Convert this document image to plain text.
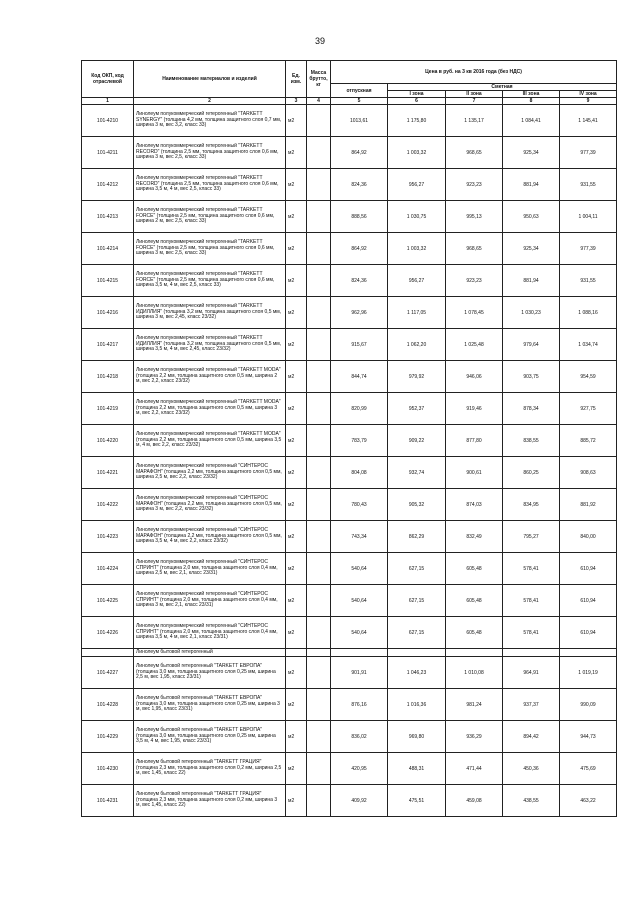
39
Код ОКП, код отраслевой	Наименование материалов и изделий	Ед. изм.	Масса брутто, кг	Цена в руб. на 3 кв 2016 года (без НДС)				
				отпускная	Сметная			
					I зона	II зона	III зона	IV зона
1	2	3	4	5	6	7	8	9
101-4210	Линолеум полукоммерческий гетерогенный "TARKETT SYNERGY" (толщина 4,2 мм, толщина защитного слоя 0,7 мм, ширина 3 м, вес 3,2, класс 33)	м2		1013,61	1 175,80	1 135,17	1 084,41	1 145,41
101-4211	Линолеум полукоммерческий гетерогенный "TARKETT RECORD" (толщина 2,5 мм, толщина защитного слоя 0,6 мм, ширина 3 м, вес 2,5, класс 33)	м2		864,92	1 003,32	968,65	925,34	977,39
101-4212	Линолеум полукоммерческий гетерогенный "TARKETT RECORD" (толщина 2,5 мм, толщина защитного слоя 0,6 мм, ширина 3,5 м, 4 м, вес 2,5, класс 33)	м2		824,36	956,27	923,23	881,94	931,55
101-4213	Линолеум полукоммерческий гетерогенный "TARKETT FORCE" (толщина 2,5 мм, толщина защитного слоя 0,6 мм, ширина 2 м, вес 2,5, класс 33)	м2		888,56	1 030,75	995,13	950,63	1 004,11
101-4214	Линолеум полукоммерческий гетерогенный "TARKETT FORCE" (толщина 2,5 мм, толщина защитного слоя 0,6 мм, ширина 3 м, вес 2,5, класс 33)	м2		864,92	1 003,32	968,65	925,34	977,39
101-4215	Линолеум полукоммерческий гетерогенный "TARKETT FORCE" (толщина 2,5 мм, толщина защитного слоя 0,6 мм, ширина 3,5 м, 4 м, вес 2,5, класс 33)	м2		824,36	956,27	923,23	881,94	931,55
101-4216	Линолеум полукоммерческий гетерогенный "TARKETT ИДИЛЛИЯ" (толщина 3,2 мм, толщина защитного слоя 0,5 мм, ширина 3 м, вес 2,45, класс 23/32)	м2		962,96	1 117,05	1 078,45	1 030,23	1 088,16
101-4217	Линолеум полукоммерческий гетерогенный "TARKETT ИДИЛЛИЯ" (толщина 3,2 мм, толщина защитного слоя 0,5 мм, ширина 3,5 м, 4 м, вес 2,45, класс 23/32)	м2		915,67	1 062,20	1 025,48	979,64	1 034,74
101-4218	Линолеум полукоммерческий гетерогенный "TARKETT MODA" (толщина 2,2 мм, толщина защитного слоя 0,5 мм, ширина 2 м, вес 2,2, класс 23/32)	м2		844,74	979,92	946,06	903,75	954,59
101-4219	Линолеум полукоммерческий гетерогенный "TARKETT MODA" (толщина 2,2 мм, толщина защитного слоя 0,5 мм, ширина 3 м, вес 2,2, класс 23/32)	м2		820,99	952,37	919,46	878,34	927,75
101-4220	Линолеум полукоммерческий гетерогенный "TARKETT MODA" (толщина 2,2 мм, толщина защитного слоя 0,5 мм, ширина 3,5 м, 4 м, вес 2,2, класс 23/32)	м2		783,79	909,22	877,80	838,55	885,72
101-4221	Линолеум полукоммерческий гетерогенный "СИНТЕРОС МАРАФОН" (толщина 2,2 мм, толщина защитного слоя 0,5 мм, ширина 2,5 м, вес 2,2, класс 23/32)	м2		804,08	932,74	900,61	860,25	908,63
101-4222	Линолеум полукоммерческий гетерогенный "СИНТЕРОС МАРАФОН" (толщина 2,2 мм, толщина защитного слоя 0,5 мм, ширина 3 м, вес 2,2, класс 23/32)	м2		780,43	905,32	874,03	834,95	881,92
101-4223	Линолеум полукоммерческий гетерогенный "СИНТЕРОС МАРАФОН" (толщина 2,2 мм, толщина защитного слоя 0,5 мм, ширина 3,5 м, 4 м, вес 2,2, класс 23/32)	м2		743,34	862,29	832,49	795,27	840,00
101-4224	Линолеум полукоммерческий гетерогенный "СИНТЕРОС СПРИНТ" (толщина 2,0 мм, толщина защитного слоя 0,4 мм, ширина 2,5 м, вес 2,1, класс 23/31)	м2		540,64	627,15	605,48	578,41	610,94
101-4225	Линолеум полукоммерческий гетерогенный "СИНТЕРОС СПРИНТ" (толщина 2,0 мм, толщина защитного слоя 0,4 мм, ширина 3 м, вес 2,1, класс 23/31)	м2		540,64	627,15	605,48	578,41	610,94
101-4226	Линолеум полукоммерческий гетерогенный "СИНТЕРОС СПРИНТ" (толщина 2,0 мм, толщина защитного слоя 0,4 мм, ширина 3,5 м, 4 м, вес 2,1, класс 23/31)	м2		540,64	627,15	605,48	578,41	610,94
	Линолеум бытовой гетерогенный							
101-4227	Линолеум бытовой гетерогенный "TARKETT ЕВРОПА" (толщина 3,0 мм, толщина защитного слоя 0,25 мм, ширина 2,5 м, вес 1,95, класс 23/31)	м2		901,91	1 046,23	1 010,08	964,91	1 019,19
101-4228	Линолеум бытовой гетерогенный "TARKETT ЕВРОПА" (толщина 3,0 мм, толщина защитного слоя 0,25 мм, ширина 3 м, вес 1,95, класс 23/31)	м2		876,16	1 016,36	981,24	937,37	990,09
101-4229	Линолеум бытовой гетерогенный "TARKETT ЕВРОПА" (толщина 3,0 мм, толщина защитного слоя 0,25 мм, ширина 3,5 м, 4 м, вес 1,95, класс 23/31)	м2		836,02	969,80	936,29	894,42	944,73
101-4230	Линолеум бытовой гетерогенный "TARKETT ГРАЦИЯ" (толщина 2,3 мм, толщина защитного слоя 0,2 мм, ширина 2,5 м, вес 1,45, класс 22)	м2		420,95	488,31	471,44	450,36	475,69
101-4231	Линолеум бытовой гетерогенный "TARKETT ГРАЦИЯ" (толщина 2,3 мм, толщина защитного слоя 0,2 мм, ширина 3 м, вес 1,45, класс 22)	м2		409,92	475,51	459,08	438,55	463,22
